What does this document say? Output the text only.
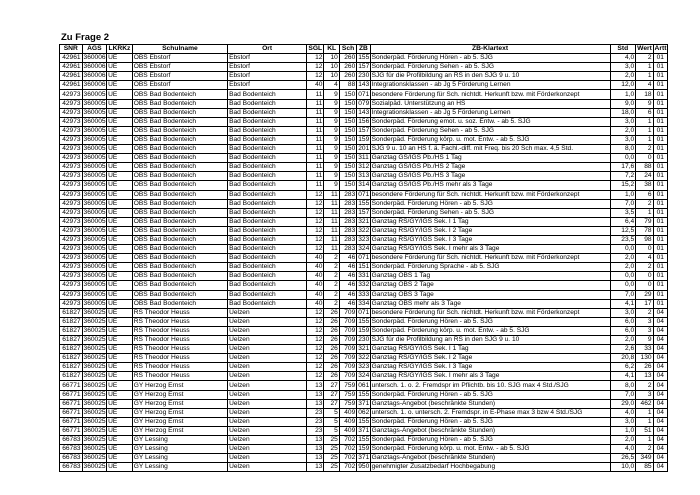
Zu Frage 2
SNR	AGS	LKRKz	Schulname	Ort	SGL	KL	Sch	ZB	ZB-Klartext	Std	Wert	Artt
42961	360006	UE	OBS Ebstorf	Ebstorf	12	10	260	155	Sonderpäd. Förderung Hören - ab 5. SJG	4,0	2	01
42961	360006	UE	OBS Ebstorf	Ebstorf	12	10	260	157	Sonderpäd. Förderung Sehen - ab 5. SJG	3,0	1	01
42961	360006	UE	OBS Ebstorf	Ebstorf	12	10	260	230	SJG für die Profilbildung an RS in den SJG 9 u. 10	2,0	1	01
42961	360006	UE	OBS Ebstorf	Ebstorf	40	4	88	143	Integrationsklassen - ab Jg 5 Förderung Lernen	12,0	4	01
42973	360005	UE	OBS Bad Bodenteich	Bad Bodenteich	11	9	150	071	besondere Förderung für Sch. nichtdt. Herkunft bzw. mit Förderkonzept	1,0	18	01
42973	360005	UE	OBS Bad Bodenteich	Bad Bodenteich	11	9	150	079	Sozialpäd. Unterstützung an HS	9,0	9	01
42973	360005	UE	OBS Bad Bodenteich	Bad Bodenteich	11	9	150	143	Integrationsklassen - ab Jg 5 Förderung Lernen	18,0	6	01
42973	360005	UE	OBS Bad Bodenteich	Bad Bodenteich	11	9	150	156	Sonderpäd. Förderung emot. u. soz. Entw. - ab 5. SJG	3,0	1	01
42973	360005	UE	OBS Bad Bodenteich	Bad Bodenteich	11	9	150	157	Sonderpäd. Förderung Sehen - ab 5. SJG	2,0	1	01
42973	360005	UE	OBS Bad Bodenteich	Bad Bodenteich	11	9	150	159	Sonderpäd. Förderung körp. u. mot. Entw. - ab 5. SJG	3,0	1	01
42973	360005	UE	OBS Bad Bodenteich	Bad Bodenteich	11	9	150	201	SJG 9 u. 10 an HS f. ä. Fachl.-diff. mit Freq. bis 20 Sch max. 4,5 Std.	8,0	2	01
42973	360005	UE	OBS Bad Bodenteich	Bad Bodenteich	11	9	150	311	Ganztag GS/IGS Pb./HS 1 Tag	0,0	0	01
42973	360005	UE	OBS Bad Bodenteich	Bad Bodenteich	11	9	150	312	Ganztag GS/IGS Pb./HS 2 Tage	17,6	88	01
42973	360005	UE	OBS Bad Bodenteich	Bad Bodenteich	11	9	150	313	Ganztag GS/IGS Pb./HS 3 Tage	7,2	24	01
42973	360005	UE	OBS Bad Bodenteich	Bad Bodenteich	11	9	150	314	Ganztag GS/IGS Pb./HS mehr als 3 Tage	15,2	38	01
42973	360005	UE	OBS Bad Bodenteich	Bad Bodenteich	12	11	283	071	besondere Förderung für Sch. nichtdt. Herkunft bzw. mit Förderkonzept	1,0	6	01
42973	360005	UE	OBS Bad Bodenteich	Bad Bodenteich	12	11	283	155	Sonderpäd. Förderung Hören - ab 5. SJG	7,0	2	01
42973	360005	UE	OBS Bad Bodenteich	Bad Bodenteich	12	11	283	157	Sonderpäd. Förderung Sehen - ab 5. SJG	3,5	1	01
42973	360005	UE	OBS Bad Bodenteich	Bad Bodenteich	12	11	283	321	Ganztag RS/GY/IGS Sek. I 1 Tag	6,4	79	01
42973	360005	UE	OBS Bad Bodenteich	Bad Bodenteich	12	11	283	322	Ganztag RS/GY/IGS Sek. I 2 Tage	12,5	78	01
42973	360005	UE	OBS Bad Bodenteich	Bad Bodenteich	12	11	283	323	Ganztag RS/GY/IGS Sek. I 3 Tage	23,5	98	01
42973	360005	UE	OBS Bad Bodenteich	Bad Bodenteich	12	11	283	324	Ganztag RS/GY/IGS Sek. I mehr als 3 Tage	0,0	0	01
42973	360005	UE	OBS Bad Bodenteich	Bad Bodenteich	40	2	46	071	besondere Förderung für Sch. nichtdt. Herkunft bzw. mit Förderkonzept	2,0	4	01
42973	360005	UE	OBS Bad Bodenteich	Bad Bodenteich	40	2	46	151	Sonderpäd. Förderung Sprache - ab 5. SJG	2,0	2	01
42973	360005	UE	OBS Bad Bodenteich	Bad Bodenteich	40	2	46	331	Ganztag OBS 1 Tag	0,0	0	01
42973	360005	UE	OBS Bad Bodenteich	Bad Bodenteich	40	2	46	332	Ganztag OBS 2 Tage	0,0	0	01
42973	360005	UE	OBS Bad Bodenteich	Bad Bodenteich	40	2	46	333	Ganztag OBS 3 Tage	7,0	29	01
42973	360005	UE	OBS Bad Bodenteich	Bad Bodenteich	40	2	46	334	Ganztag OBS mehr als 3 Tage	4,1	17	01
61827	360025	UE	RS Theodor Heuss	Uelzen	12	26	709	071	besondere Förderung für Sch. nichtdt. Herkunft bzw. mit Förderkonzept	3,0	2	04
61827	360025	UE	RS Theodor Heuss	Uelzen	12	26	709	155	Sonderpäd. Förderung Hören - ab 5. SJG	6,0	3	04
61827	360025	UE	RS Theodor Heuss	Uelzen	12	26	709	159	Sonderpäd. Förderung körp. u. mot. Entw. - ab 5. SJG	6,0	3	04
61827	360025	UE	RS Theodor Heuss	Uelzen	12	26	709	230	SJG für die Profilbildung an RS in den SJG 9 u. 10	2,0	9	04
61827	360025	UE	RS Theodor Heuss	Uelzen	12	26	709	321	Ganztag RS/GY/IGS Sek. I 1 Tag	2,6	33	04
61827	360025	UE	RS Theodor Heuss	Uelzen	12	26	709	322	Ganztag RS/GY/IGS Sek. I 2 Tage	20,8	130	04
61827	360025	UE	RS Theodor Heuss	Uelzen	12	26	709	323	Ganztag RS/GY/IGS Sek. I 3 Tage	6,2	26	04
61827	360025	UE	RS Theodor Heuss	Uelzen	12	26	709	324	Ganztag RS/GY/IGS Sek. I mehr als 3 Tage	4,1	13	04
66771	360025	UE	GY Herzog Ernst	Uelzen	13	27	759	061	untersch. 1. o. 2. Fremdspr im Pflichtb. bis 10. SJG max 4 Std./SJG	8,0	2	04
66771	360025	UE	GY Herzog Ernst	Uelzen	13	27	759	155	Sonderpäd. Förderung Hören - ab 5. SJG	7,0	3	04
66771	360025	UE	GY Herzog Ernst	Uelzen	13	27	759	371	Ganztags-Angebot (beschränkte Stunden)	29,0	462	04
66771	360025	UE	GY Herzog Ernst	Uelzen	23	5	409	062	untersch. 1. o. untersch. 2. Fremdspr. in E-Phase max 3 bzw 4 Std./SJG	4,0	1	04
66771	360025	UE	GY Herzog Ernst	Uelzen	23	5	409	155	Sonderpäd. Förderung Hören - ab 5. SJG	3,0	1	04
66771	360025	UE	GY Herzog Ernst	Uelzen	23	5	409	371	Ganztags-Angebot (beschränkte Stunden)	1,0	51	04
66783	360025	UE	GY Lessing	Uelzen	13	25	702	155	Sonderpäd. Förderung Hören - ab 5. SJG	2,0	1	04
66783	360025	UE	GY Lessing	Uelzen	13	25	702	159	Sonderpäd. Förderung körp. u. mot. Entw. - ab 5. SJG	4,0	2	04
66783	360025	UE	GY Lessing	Uelzen	13	25	702	371	Ganztags-Angebot (beschränkte Stunden)	26,5	349	04
66783	360025	UE	GY Lessing	Uelzen	13	25	702	950	genehmigter Zusatzbedarf Hochbegabung	10,0	85	04
